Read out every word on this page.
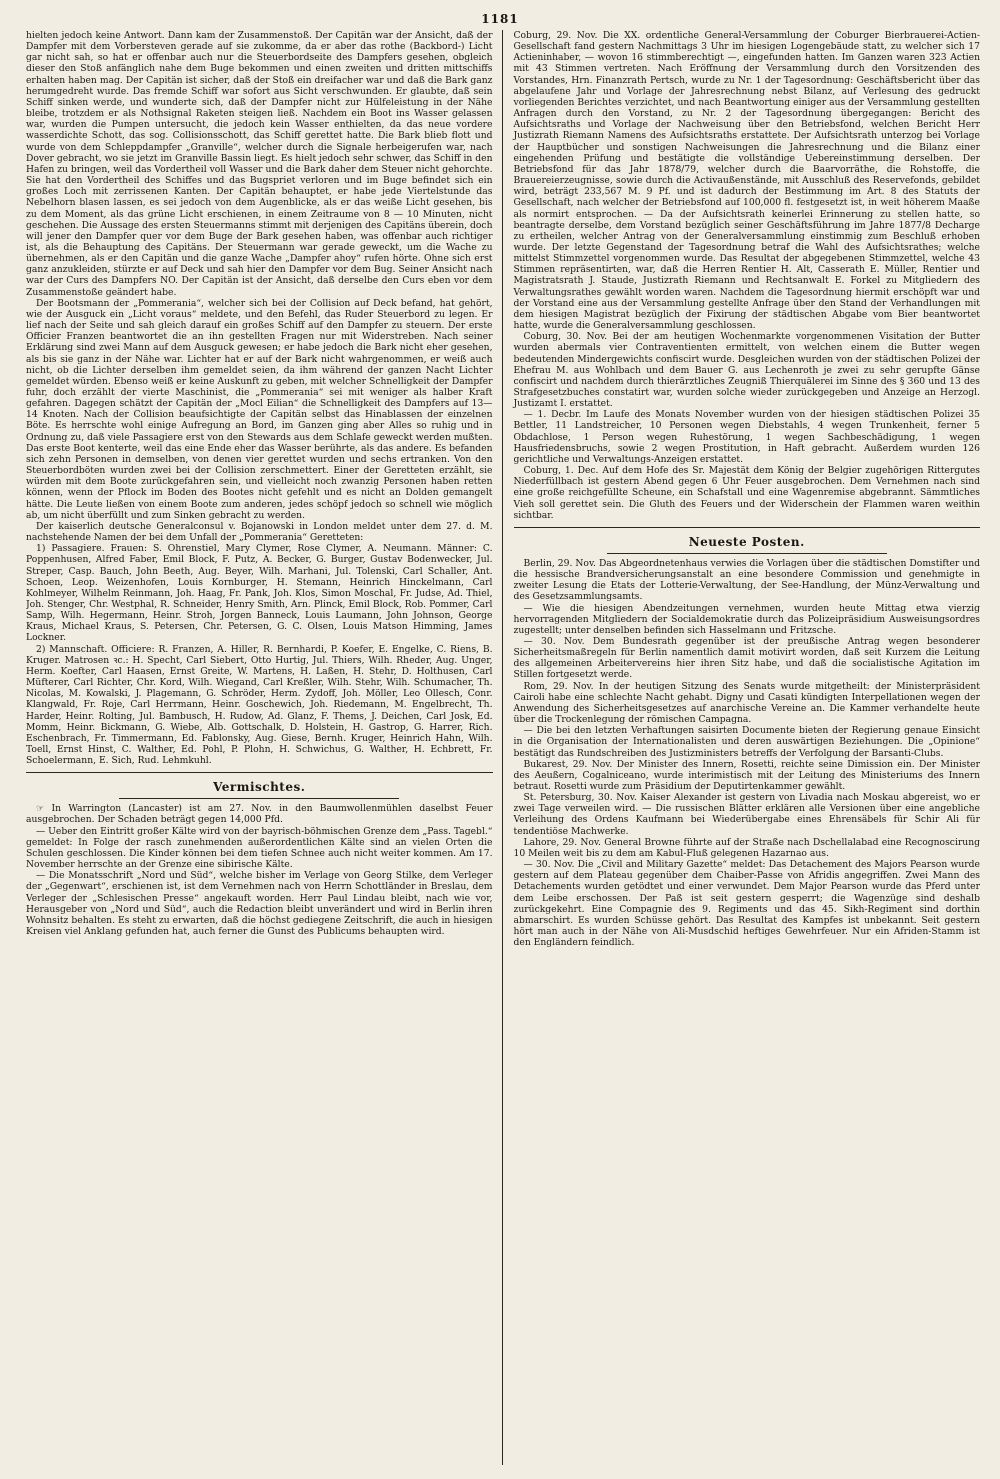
1181

hielten jedoch keine Antwort. Dann kam der Zusammenstoß. Der Capitän war der Ansicht, daß der Dampfer mit dem Vorbersteven gerade auf sie zukomme, da er aber das rothe (Backbord-) Licht gar nicht sah, so hat er offenbar auch nur die Steuerbordseite des Dampfers gesehen, obgleich dieser den Stoß anfänglich nahe dem Buge bekommen und einen zweiten und dritten mittschiffs erhalten haben mag. Der Capitän ist sicher, daß der Stoß ein dreifacher war und daß die Bark ganz herumgedreht wurde. Das fremde Schiff war sofort aus Sicht verschwunden. Er glaubte, daß sein Schiff sinken werde, und wunderte sich, daß der Dampfer nicht zur Hülfeleistung in der Nähe bleibe, trotzdem er als Nothsignal Raketen steigen ließ. Nachdem ein Boot ins Wasser gelassen war, wurden die Pumpen untersucht, die jedoch kein Wasser enthielten, da das neue vordere wasserdichte Schott, das sog. Collisionsschott, das Schiff gerettet hatte. Die Bark blieb flott und wurde von dem Schleppdampfer „Granville“, welcher durch die Signale herbeigerufen war, nach Dover gebracht, wo sie jetzt im Granville Bassin liegt. Es hielt jedoch sehr schwer, das Schiff in den Hafen zu bringen, weil das Vordertheil voll Wasser und die Bark daher dem Steuer nicht gehorchte. Sie hat den Vordertheil des Schiffes und das Bugspriet verloren und im Buge befindet sich ein großes Loch mit zerrissenen Kanten. Der Capitän behauptet, er habe jede Viertelstunde das Nebelhorn blasen lassen, es sei jedoch von dem Augenblicke, als er das weiße Licht gesehen, bis zu dem Moment, als das grüne Licht erschienen, in einem Zeitraume von 8 — 10 Minuten, nicht geschehen. Die Aussage des ersten Steuermanns stimmt mit derjenigen des Capitäns überein, doch will jener den Dampfer quer vor dem Buge der Bark gesehen haben, was offenbar auch richtiger ist, als die Behauptung des Capitäns. Der Steuermann war gerade geweckt, um die Wache zu übernehmen, als er den Capitän und die ganze Wache „Dampfer ahoy“ rufen hörte. Ohne sich erst ganz anzukleiden, stürzte er auf Deck und sah hier den Dampfer vor dem Bug. Seiner Ansicht nach war der Curs des Dampfers NO. Der Capitän ist der Ansicht, daß derselbe den Curs eben vor dem Zusammenstoße geändert habe.

Der Bootsmann der „Pommerania“, welcher sich bei der Collision auf Deck befand, hat gehört, wie der Ausguck ein „Licht voraus“ meldete, und den Befehl, das Ruder Steuerbord zu legen. Er lief nach der Seite und sah gleich darauf ein großes Schiff auf den Dampfer zu steuern. Der erste Officier Franzen beantwortet die an ihn gestellten Fragen nur mit Widerstreben. Nach seiner Erklärung sind zwei Mann auf dem Ausguck gewesen; er habe jedoch die Bark nicht eher gesehen, als bis sie ganz in der Nähe war. Lichter hat er auf der Bark nicht wahrgenommen, er weiß auch nicht, ob die Lichter derselben ihm gemeldet seien, da ihm während der ganzen Nacht Lichter gemeldet würden. Ebenso weiß er keine Auskunft zu geben, mit welcher Schnelligkeit der Dampfer fuhr, doch erzählt der vierte Maschinist, die „Pommerania“ sei mit weniger als halber Kraft gefahren. Dagegen schätzt der Capitän der „Mocl Eilian“ die Schnelligkeit des Dampfers auf 13—14 Knoten. Nach der Collision beaufsichtigte der Capitän selbst das Hinablassen der einzelnen Böte. Es herrschte wohl einige Aufregung an Bord, im Ganzen ging aber Alles so ruhig und in Ordnung zu, daß viele Passagiere erst von den Stewards aus dem Schlafe geweckt werden mußten. Das erste Boot kenterte, weil das eine Ende eher das Wasser berührte, als das andere. Es befanden sich zehn Personen in demselben, von denen vier gerettet wurden und sechs ertranken. Von den Steuerbordböten wurden zwei bei der Collision zerschmettert. Einer der Geretteten erzählt, sie würden mit dem Boote zurückgefahren sein, und vielleicht noch zwanzig Personen haben retten können, wenn der Pflock im Boden des Bootes nicht gefehlt und es nicht an Dolden gemangelt hätte. Die Leute ließen von einem Boote zum anderen, jedes schöpf jedoch so schnell wie möglich ab, um nicht überfüllt und zum Sinken gebracht zu werden.

Der kaiserlich deutsche Generalconsul v. Bojanowski in London meldet unter dem 27. d. M. nachstehende Namen der bei dem Unfall der „Pommerania“ Geretteten:

1) Passagiere. Frauen: S. Ohrenstiel, Mary Clymer, Rose Clymer, A. Neumann. Männer: C. Poppenhusen, Alfred Faber, Emil Block, F. Putz, A. Becker, G. Burger, Gustav Bodenwecker, Jul. Streper, Casp. Bauch, John Beeth, Aug. Beyer, Wilh. Marhani, Jul. Tolenski, Carl Schaller, Ant. Schoen, Leop. Weizenhofen, Louis Kornburger, H. Stemann, Heinrich Hinckelmann, Carl Kohlmeyer, Wilhelm Reinmann, Joh. Haag, Fr. Pank, Joh. Klos, Simon Moschal, Fr. Judse, Ad. Thiel, Joh. Stenger, Chr. Westphal, R. Schneider, Henry Smith, Arn. Plinck, Emil Block, Rob. Pommer, Carl Samp, Wilh. Hegermann, Heinr. Stroh, Jorgen Banneck, Louis Laumann, John Johnson, George Kraus, Michael Kraus, S. Petersen, Chr. Petersen, G. C. Olsen, Louis Matson Himming, James Lockner.

2) Mannschaft. Officiere: R. Franzen, A. Hiller, R. Bernhardi, P. Koefer, E. Engelke, C. Riens, B. Kruger. Matrosen ꝛc.: H. Specht, Carl Siebert, Otto Hurtig, Jul. Thiers, Wilh. Rheder, Aug. Unger, Herm. Koefter, Carl Haasen, Ernst Greite, W. Martens, H. Laßen, H. Stehr, D. Holthusen, Carl Müfterer, Carl Richter, Chr. Kord, Wilh. Wiegand, Carl Kreßler, Wilh. Stehr, Wilh. Schumacher, Th. Nicolas, M. Kowalski, J. Plagemann, G. Schröder, Herm. Zydoff, Joh. Möller, Leo Ollesch, Conr. Klangwald, Fr. Roje, Carl Herrmann, Heinr. Goschewich, Joh. Riedemann, M. Engelbrecht, Th. Harder, Heinr. Rolting, Jul. Bambusch, H. Rudow, Ad. Glanz, F. Thems, J. Deichen, Carl Josk, Ed. Momm, Heinr. Bickmann, G. Wiebe, Alb. Gottschalk, D. Holstein, H. Gastrop, G. Harrer, Rich. Eschenbrach, Fr. Timmermann, Ed. Fablonsky, Aug. Giese, Bernh. Kruger, Heinrich Hahn, Wilh. Toell, Ernst Hinst, C. Walther, Ed. Pohl, P. Plohn, H. Schwichus, G. Walther, H. Echbrett, Fr. Schoelermann, E. Sich, Rud. Lehmkuhl.

Vermischtes.

☞ In Warrington (Lancaster) ist am 27. Nov. in den Baumwollenmühlen daselbst Feuer ausgebrochen. Der Schaden beträgt gegen 14,000 Pfd.

— Ueber den Eintritt großer Kälte wird von der bayrisch-böhmischen Grenze dem „Pass. Tagebl.“ gemeldet: In Folge der rasch zunehmenden außerordentlichen Kälte sind an vielen Orten die Schulen geschlossen. Die Kinder können bei dem tiefen Schnee auch nicht weiter kommen. Am 17. November herrschte an der Grenze eine sibirische Kälte.

— Die Monatsschrift „Nord und Süd“, welche bisher im Verlage von Georg Stilke, dem Verleger der „Gegenwart“, erschienen ist, ist dem Vernehmen nach von Herrn Schottländer in Breslau, dem Verleger der „Schlesischen Presse“ angekauft worden. Herr Paul Lindau bleibt, nach wie vor, Herausgeber von „Nord und Süd“, auch die Redaction bleibt unverändert und wird in Berlin ihren Wohnsitz behalten. Es steht zu erwarten, daß die höchst gediegene Zeitschrift, die auch in hiesigen Kreisen viel Anklang gefunden hat, auch ferner die Gunst des Publicums behaupten wird.

Coburg, 29. Nov. Die XX. ordentliche General-Versammlung der Coburger Bierbrauerei-Actien-Gesellschaft fand gestern Nachmittags 3 Uhr im hiesigen Logengebäude statt, zu welcher sich 17 Actieninhaber, — wovon 16 stimmberechtigt —, eingefunden hatten. Im Ganzen waren 323 Actien mit 43 Stimmen vertreten. Nach Eröffnung der Versammlung durch den Vorsitzenden des Vorstandes, Hrn. Finanzrath Pertsch, wurde zu Nr. 1 der Tagesordnung: Geschäftsbericht über das abgelaufene Jahr und Vorlage der Jahresrechnung nebst Bilanz, auf Verlesung des gedruckt vorliegenden Berichtes verzichtet, und nach Beantwortung einiger aus der Versammlung gestellten Anfragen durch den Vorstand, zu Nr. 2 der Tagesordnung übergegangen: Bericht des Aufsichtsraths und Vorlage der Nachweisung über den Betriebsfond, welchen Bericht Herr Justizrath Riemann Namens des Aufsichtsraths erstattete. Der Aufsichtsrath unterzog bei Vorlage der Hauptbücher und sonstigen Nachweisungen die Jahresrechnung und die Bilanz einer eingehenden Prüfung und bestätigte die vollständige Uebereinstimmung derselben. Der Betriebsfond für das Jahr 1878/79, welcher durch die Baarvorräthe, die Rohstoffe, die Brauereierzeugnisse, sowie durch die Activaußenstände, mit Ausschluß des Reservefonds, gebildet wird, beträgt 233,567 M. 9 Pf. und ist dadurch der Bestimmung im Art. 8 des Statuts der Gesellschaft, nach welcher der Betriebsfond auf 100,000 fl. festgesetzt ist, in weit höherem Maaße als normirt entsprochen. — Da der Aufsichtsrath keinerlei Erinnerung zu stellen hatte, so beantragte derselbe, dem Vorstand bezüglich seiner Geschäftsführung im Jahre 1877/8 Decharge zu ertheilen, welcher Antrag von der Generalversammlung einstimmig zum Beschluß erhoben wurde. Der letzte Gegenstand der Tagesordnung betraf die Wahl des Aufsichtsrathes; welche mittelst Stimmzettel vorgenommen wurde. Das Resultat der abgegebenen Stimmzettel, welche 43 Stimmen repräsentirten, war, daß die Herren Rentier H. Alt, Casserath E. Müller, Rentier und Magistratsrath J. Staude, Justizrath Riemann und Rechtsanwalt E. Forkel zu Mitgliedern des Verwaltungsrathes gewählt worden waren. Nachdem die Tagesordnung hiermit erschöpft war und der Vorstand eine aus der Versammlung gestellte Anfrage über den Stand der Verhandlungen mit dem hiesigen Magistrat bezüglich der Fixirung der städtischen Abgabe vom Bier beantwortet hatte, wurde die Generalversammlung geschlossen.

Coburg, 30. Nov. Bei der am heutigen Wochenmarkte vorgenommenen Visitation der Butter wurden abermals vier Contraventienten ermittelt, von welchen einem die Butter wegen bedeutenden Mindergewichts confiscirt wurde. Desgleichen wurden von der städtischen Polizei der Ehefrau M. aus Wohlbach und dem Bauer G. aus Lechenroth je zwei zu sehr gerupfte Gänse confiscirt und nachdem durch thierärztliches Zeugniß Thierquälerei im Sinne des § 360 und 13 des Strafgesetzbuches constatirt war, wurden solche wieder zurückgegeben und Anzeige an Herzogl. Justizamt I. erstattet.

— 1. Decbr. Im Laufe des Monats November wurden von der hiesigen städtischen Polizei 35 Bettler, 11 Landstreicher, 10 Personen wegen Diebstahls, 4 wegen Trunkenheit, ferner 5 Obdachlose, 1 Person wegen Ruhestörung, 1 wegen Sachbeschädigung, 1 wegen Hausfriedensbruchs, sowie 2 wegen Prostitution, in Haft gebracht. Außerdem wurden 126 gerichtliche und Verwaltungs-Anzeigen erstattet.

Coburg, 1. Dec. Auf dem Hofe des Sr. Majestät dem König der Belgier zugehörigen Rittergutes Niederfüllbach ist gestern Abend gegen 6 Uhr Feuer ausgebrochen. Dem Vernehmen nach sind eine große reichgefüllte Scheune, ein Schafstall und eine Wagenremise abgebrannt. Sämmtliches Vieh soll gerettet sein. Die Gluth des Feuers und der Widerschein der Flammen waren weithin sichtbar.

Neueste Posten.

Berlin, 29. Nov. Das Abgeordnetenhaus verwies die Vorlagen über die städtischen Domstifter und die hessische Brandversicherungsanstalt an eine besondere Commission und genehmigte in zweiter Lesung die Etats der Lotterie-Verwaltung, der See-Handlung, der Münz-Verwaltung und des Gesetzsammlungsamts.

— Wie die hiesigen Abendzeitungen vernehmen, wurden heute Mittag etwa vierzig hervorragenden Mitgliedern der Socialdemokratie durch das Polizeipräsidium Ausweisungsordres zugestellt; unter denselben befinden sich Hasselmann und Fritzsche.

— 30. Nov. Dem Bundesrath gegenüber ist der preußische Antrag wegen besonderer Sicherheitsmaßregeln für Berlin namentlich damit motivirt worden, daß seit Kurzem die Leitung des allgemeinen Arbeitervereins hier ihren Sitz habe, und daß die socialistische Agitation im Stillen fortgesetzt werde.

Rom, 29. Nov. In der heutigen Sitzung des Senats wurde mitgetheilt: der Ministerpräsident Cairoli habe eine schlechte Nacht gehabt. Digny und Casati kündigten Interpellationen wegen der Anwendung des Sicherheitsgesetzes auf anarchische Vereine an. Die Kammer verhandelte heute über die Trockenlegung der römischen Campagna.

— Die bei den letzten Verhaftungen saisirten Documente bieten der Regierung genaue Einsicht in die Organisation der Internationalisten und deren auswärtigen Beziehungen. Die „Opinione“ bestätigt das Rundschreiben des Justizministers betreffs der Verfolgung der Barsanti-Clubs.

Bukarest, 29. Nov. Der Minister des Innern, Rosetti, reichte seine Dimission ein. Der Minister des Aeußern, Cogalniceano, wurde interimistisch mit der Leitung des Ministeriums des Innern betraut. Rosetti wurde zum Präsidium der Deputirtenkammer gewählt.

St. Petersburg, 30. Nov. Kaiser Alexander ist gestern von Livadia nach Moskau abgereist, wo er zwei Tage verweilen wird. — Die russischen Blätter erklären alle Versionen über eine angebliche Verleihung des Ordens Kaufmann bei Wiederübergabe eines Ehrensäbels für Schir Ali für tendentiöse Machwerke.

Lahore, 29. Nov. General Browne führte auf der Straße nach Dschellalabad eine Recognoscirung 10 Meilen weit bis zu dem am Kabul-Fluß gelegenen Hazarnao aus.

— 30. Nov. Die „Civil and Military Gazette“ meldet: Das Detachement des Majors Pearson wurde gestern auf dem Plateau gegenüber dem Chaiber-Passe von Afridis angegriffen. Zwei Mann des Detachements wurden getödtet und einer verwundet. Dem Major Pearson wurde das Pferd unter dem Leibe erschossen. Der Paß ist seit gestern gesperrt; die Wagenzüge sind deshalb zurückgekehrt. Eine Compagnie des 9. Regiments und das 45. Sikh-Regiment sind dorthin abmarschirt. Es wurden Schüsse gehört. Das Resultat des Kampfes ist unbekannt. Seit gestern hört man auch in der Nähe von Ali-Musdschid heftiges Gewehrfeuer. Nur ein Afriden-Stamm ist den Engländern feindlich.
